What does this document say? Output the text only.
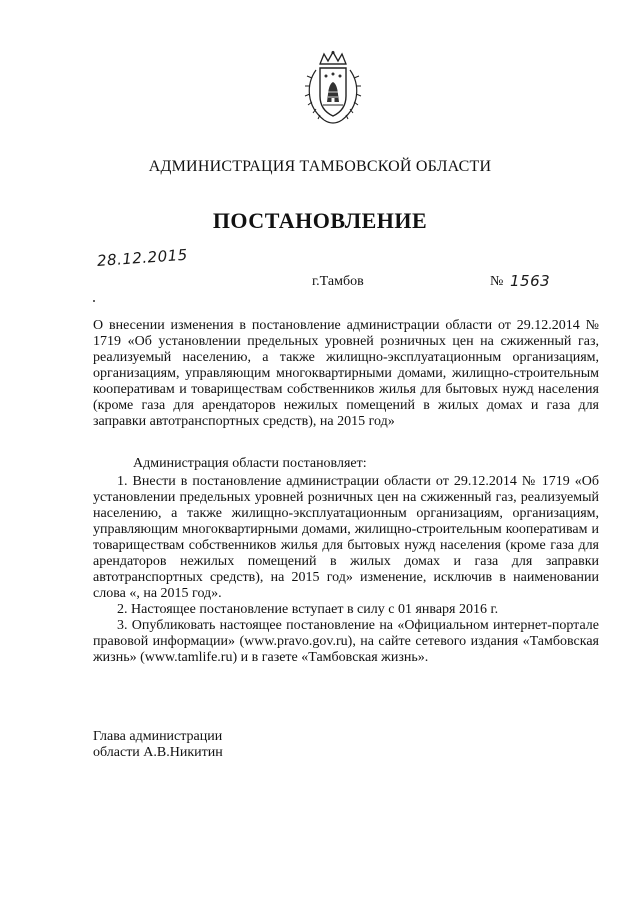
АДМИНИСТРАЦИЯ ТАМБОВСКОЙ ОБЛАСТИ
ПОСТАНОВЛЕНИЕ
28.12.2015
г.Тамбов	№ 1563

О внесении изменения в постановление администрации области от 29.12.2014 № 1719 «Об установлении предельных уровней розничных цен на сжиженный газ, реализуемый населению, а также жилищно-эксплуатационным организациям, организациям, управляющим многоквартирными домами, жилищно-строительным кооперативам и товариществам собственников жилья для бытовых нужд населения (кроме газа для арендаторов нежилых помещений в жилых домах и газа для заправки автотранспортных средств), на 2015 год»

Администрация области постановляет:

1. Внести в постановление администрации области от 29.12.2014 № 1719 «Об установлении предельных уровней розничных цен на сжиженный газ, реализуемый населению, а также жилищно-эксплуатационным организациям, организациям, управляющим многоквартирными домами, жилищно-строительным кооперативам и товариществам собственников жилья для бытовых нужд населения (кроме газа для арендаторов нежилых помещений в жилых домах и газа для заправки автотранспортных средств), на 2015 год» изменение, исключив в наименовании слова «, на 2015 год».

2. Настоящее постановление вступает в силу с 01 января 2016 г.

3. Опубликовать настоящее постановление на «Официальном интернет-портале правовой информации» (www.pravo.gov.ru), на сайте сетевого издания «Тамбовская жизнь» (www.tamlife.ru) и в газете «Тамбовская жизнь».

Глава администрации
области А.В.Никитин
